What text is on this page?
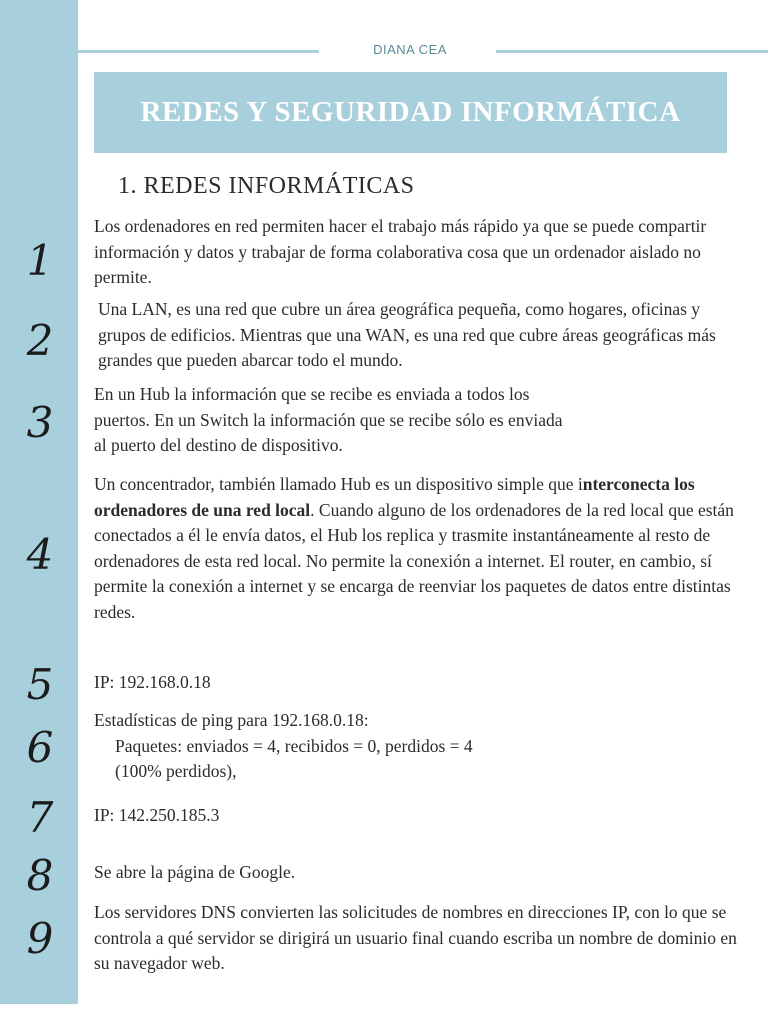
1
2
3
4
5
6
7
8
9
DIANA CEA
REDES Y SEGURIDAD INFORMÁTICA
1. REDES INFORMÁTICAS

Los ordenadores en red permiten hacer el trabajo más rápido ya que se puede compartir información y datos y trabajar de forma colaborativa cosa que un ordenador aislado no permite.

Una LAN, es una red que cubre un área geográfica pequeña, como hogares, oficinas y grupos de edificios. Mientras que una WAN, es una red que cubre áreas geográficas más grandes que pueden abarcar todo el mundo.

En un Hub la información que se recibe es enviada a todos los

puertos. En un Switch la información que se recibe sólo es enviada

al puerto del destino de dispositivo.

Un concentrador, también llamado Hub es un dispositivo simple que interconecta los ordenadores de una red local. Cuando alguno de los ordenadores de la red local que están conectados a él le envía datos, el Hub los replica y trasmite instantáneamente al resto de ordenadores de esta red local. No permite la conexión a internet. El router, en cambio, sí permite la conexión a internet y se encarga de reenviar los paquetes de datos entre distintas redes.

IP: 192.168.0.18

Estadísticas de ping para 192.168.0.18:

Paquetes: enviados = 4, recibidos = 0, perdidos = 4

(100% perdidos),

IP: 142.250.185.3

Se abre la página de Google.

Los servidores DNS convierten las solicitudes de nombres en direcciones IP, con lo que se controla a qué servidor se dirigirá un usuario final cuando escriba un nombre de dominio en su navegador web.
